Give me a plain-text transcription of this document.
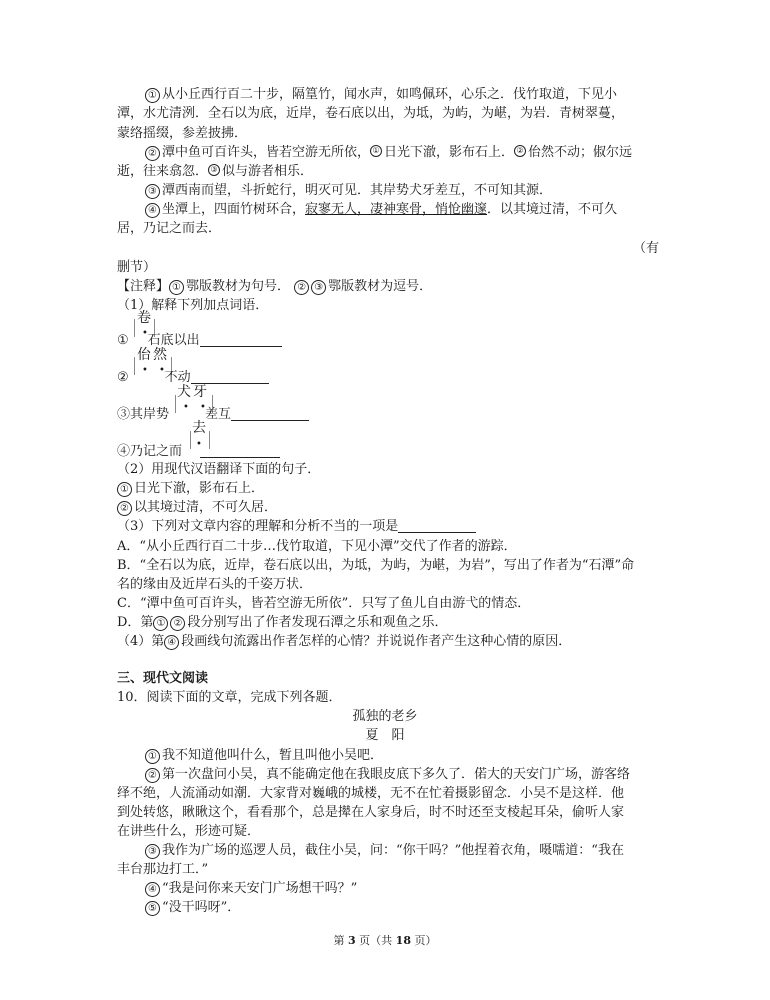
① 从小丘西行百二十步，隔篁竹，闻水声，如鸣佩环，心乐之．伐竹取道，下见小
潭，水尤清洌．全石以为底，近岸，卷石底以出，为坻，为屿，为嵁，为岩．青树翠蔓，
蒙络摇缀，参差披拂．
② 潭中鱼可百许头，皆若空游无所依， ① 日光下澈，影布石上． ② 佁然不动；俶尔远
逝，往来翕忽． ③ 似与游者相乐．
③ 潭西南而望，斗折蛇行，明灭可见．其岸势犬牙差互，不可知其源．
④ 坐潭上，四面竹树环合，寂寥无人，凄神寒骨，悄怆幽邃．以其境过清，不可久
居，乃记之而去．
（有
删节）
【注释】 ① 鄂版教材为句号． ② ③ 鄂版教材为逗号．
（1）解释下列加点词语．
卷
•
① 石底以出
佁然
• •
②	不动
犬牙
• •
③其岸势	差互
去
•
④乃记之而
（2）用现代汉语翻译下面的句子．
① 日光下澈，影布石上．
② 以其境过清，不可久居．
（3）下列对文章内容的理解和分析不当的一项是
A．“从小丘西行百二十步…伐竹取道，下见小潭”交代了作者的游踪．
B．“全石以为底，近岸，卷石底以出，为坻，为屿，为嵁，为岩”，写出了作者为“石潭”命
名的缘由及近岸石头的千姿万状．
C．“潭中鱼可百许头，皆若空游无所依”．只写了鱼儿自由游弋的情态．
D．第 ① ② 段分别写出了作者发现石潭之乐和观鱼之乐．
（4）第 ④ 段画线句流露出作者怎样的心情？并说说作者产生这种心情的原因．
三、现代文阅读
10．阅读下面的文章，完成下列各题．
孤独的老乡
夏　阳
① 我不知道他叫什么，暂且叫他小吴吧．
② 第一次盘问小吴，真不能确定他在我眼皮底下多久了．偌大的天安门广场，游客络
绎不绝，人流涌动如潮．大家背对巍峨的城楼，无不在忙着摄影留念．小吴不是这样．他
到处转悠，瞅瞅这个，看看那个，总是撵在人家身后，时不时还至支棱起耳朵，偷听人家
在讲些什么，形迹可疑．
③ 我作为广场的巡逻人员，截住小吴，问：“你干吗？”他捏着衣角，嗫嚅道：“我在
丰台那边打工．”
④ “我是问你来天安门广场想干吗？”
⑤ “没干吗呀”．
第 3 页（共 18 页）
